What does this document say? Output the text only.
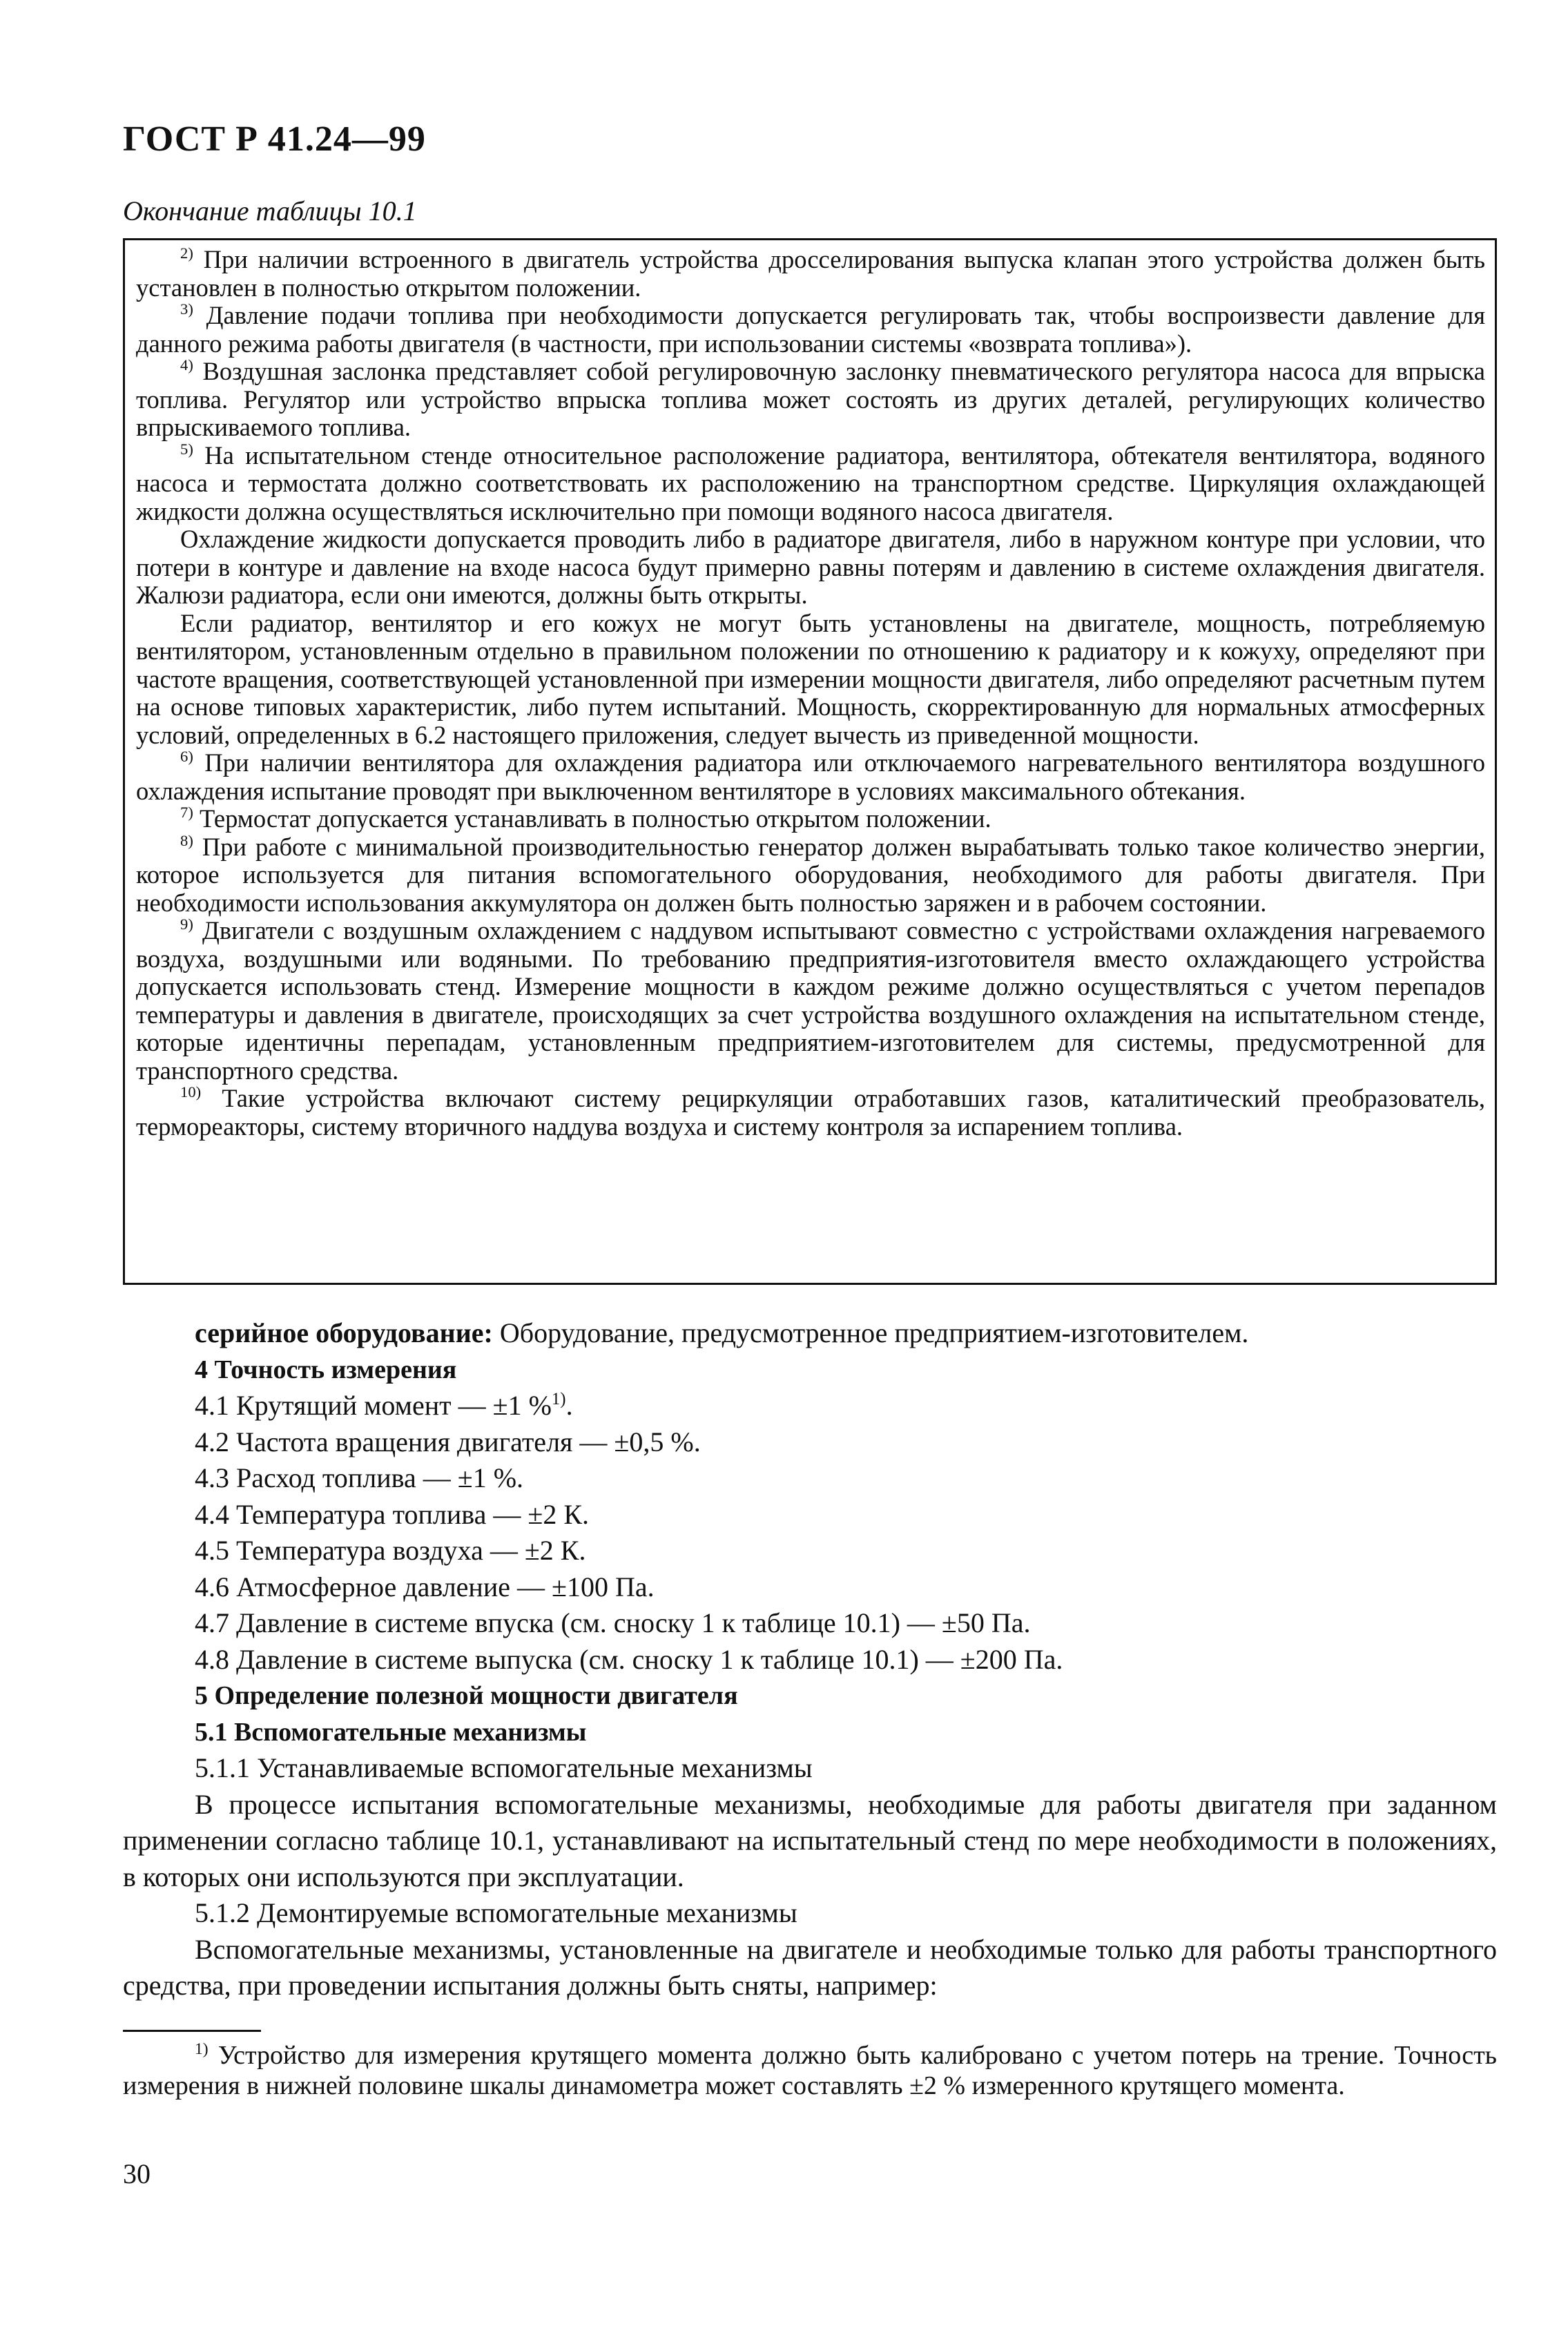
ГОСТ Р 41.24—99
Окончание таблицы 10.1

$^{2)}$ При наличии встроенного в двигатель устройства дросселирования выпуска клапан этого устройства должен быть установлен в полностью открытом положении.

$^{3)}$ Давление подачи топлива при необходимости допускается регулировать так, чтобы воспроизвести давление для данного режима работы двигателя (в частности, при использовании системы «возврата топлива»).

$^{4)}$ Воздушная заслонка представляет собой регулировочную заслонку пневматического регулятора насоса для впрыска топлива. Регулятор или устройство впрыска топлива может состоять из других деталей, регулирующих количество впрыскиваемого топлива.

$^{5)}$ На испытательном стенде относительное расположение радиатора, вентилятора, обтекателя вентилятора, водяного насоса и термостата должно соответствовать их расположению на транспортном средстве. Циркуляция охлаждающей жидкости должна осуществляться исключительно при помощи водяного насоса двигателя.

Охлаждение жидкости допускается проводить либо в радиаторе двигателя, либо в наружном контуре при условии, что потери в контуре и давление на входе насоса будут примерно равны потерям и давлению в системе охлаждения двигателя. Жалюзи радиатора, если они имеются, должны быть открыты.

Если радиатор, вентилятор и его кожух не могут быть установлены на двигателе, мощность, потребляемую вентилятором, установленным отдельно в правильном положении по отношению к радиатору и к кожуху, определяют при частоте вращения, соответствующей установленной при измерении мощности двигателя, либо определяют расчетным путем на основе типовых характеристик, либо путем испытаний. Мощность, скорректированную для нормальных атмосферных условий, определенных в 6.2 настоящего приложения, следует вычесть из приведенной мощности.

$^{6)}$ При наличии вентилятора для охлаждения радиатора или отключаемого нагревательного вентилятора воздушного охлаждения испытание проводят при выключенном вентиляторе в условиях максимального обтекания.

$^{7)}$ Термостат допускается устанавливать в полностью открытом положении.

$^{8)}$ При работе с минимальной производительностью генератор должен вырабатывать только такое количество энергии, которое используется для питания вспомогательного оборудования, необходимого для работы двигателя. При необходимости использования аккумулятора он должен быть полностью заряжен и в рабочем состоянии.

$^{9)}$ Двигатели с воздушным охлаждением с наддувом испытывают совместно с устройствами охлаждения нагреваемого воздуха, воздушными или водяными. По требованию предприятия-изготовителя вместо охлаждающего устройства допускается использовать стенд. Измерение мощности в каждом режиме должно осуществляться с учетом перепадов температуры и давления в двигателе, происходящих за счет устройства воздушного охлаждения на испытательном стенде, которые идентичны перепадам, установленным предприятием-изготовителем для системы, предусмотренной для транспортного средства.

$^{10)}$ Такие устройства включают систему рециркуляции отработавших газов, каталитический преобразователь, термореакторы, систему вторичного наддува воздуха и систему контроля за испарением топлива.

серийное оборудование: Оборудование, предусмотренное предприятием-изготовителем.

4 Точность измерения

4.1 Крутящий момент — ±1 %$^{1)}$.

4.2 Частота вращения двигателя — ±0,5 %.

4.3 Расход топлива — ±1 %.

4.4 Температура топлива — ±2 К.

4.5 Температура воздуха — ±2 К.

4.6 Атмосферное давление — ±100 Па.

4.7 Давление в системе впуска (см. сноску 1 к таблице 10.1) — ±50 Па.

4.8 Давление в системе выпуска (см. сноску 1 к таблице 10.1) — ±200 Па.

5 Определение полезной мощности двигателя

5.1 Вспомогательные механизмы

5.1.1 Устанавливаемые вспомогательные механизмы

В процессе испытания вспомогательные механизмы, необходимые для работы двигателя при заданном применении согласно таблице 10.1, устанавливают на испытательный стенд по мере необходимости в положениях, в которых они используются при эксплуатации.

5.1.2 Демонтируемые вспомогательные механизмы

Вспомогательные механизмы, установленные на двигателе и необходимые только для работы транспортного средства, при проведении испытания должны быть сняты, например:

$^{1)}$ Устройство для измерения крутящего момента должно быть калибровано с учетом потерь на трение. Точность измерения в нижней половине шкалы динамометра может составлять ±2 % измеренного крутящего момента.

30
